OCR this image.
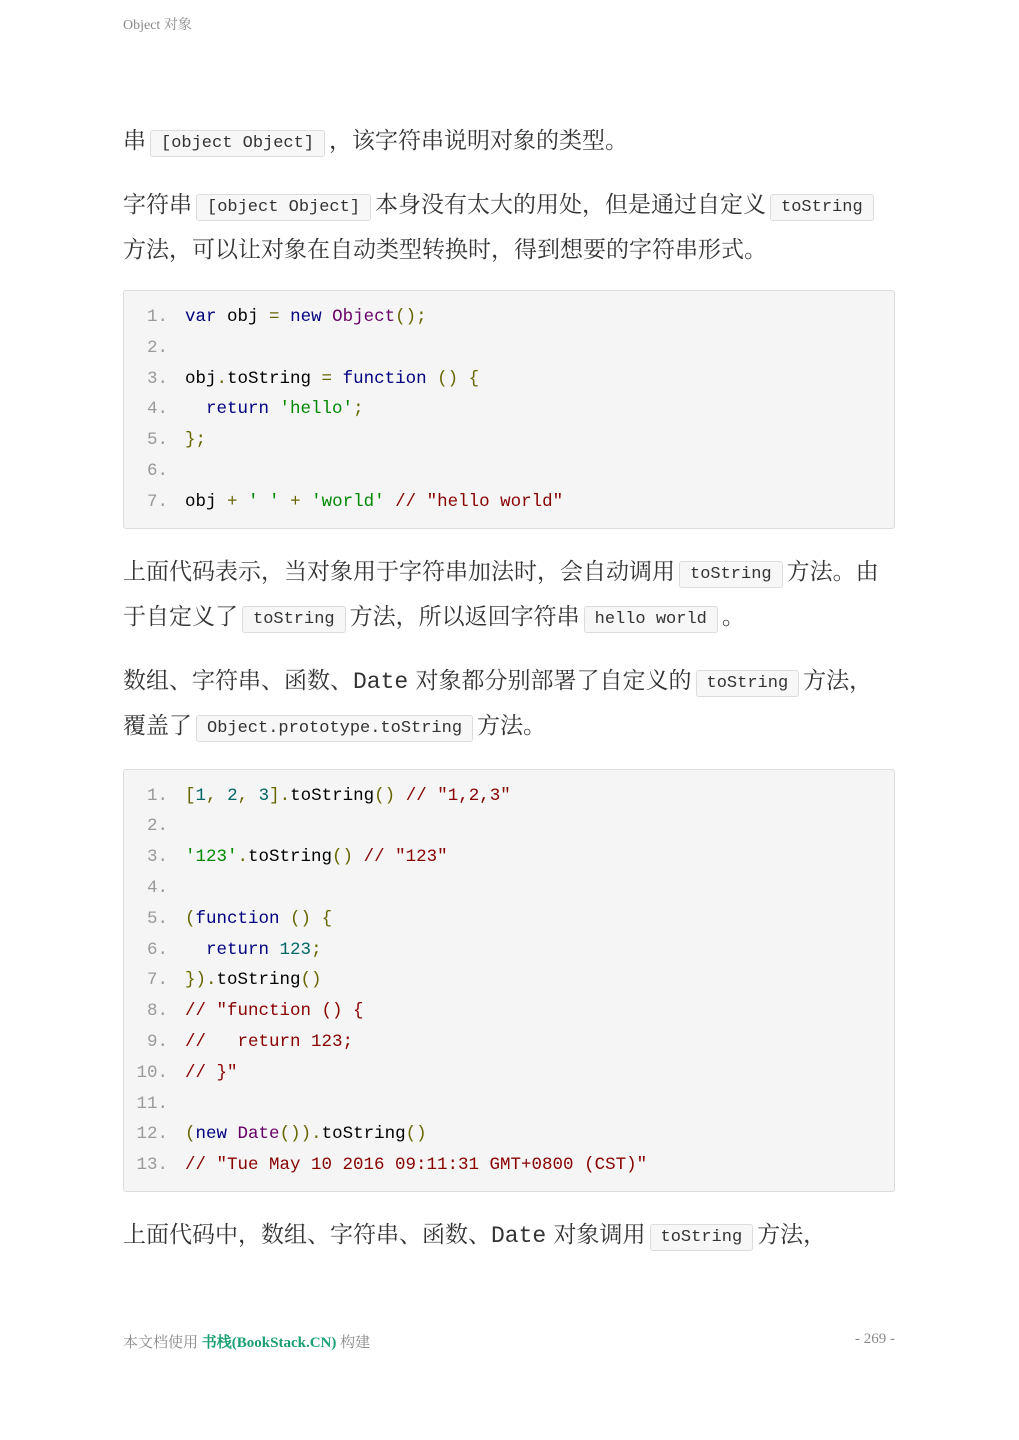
Object 对象

串 [object Object] ，该字符串说明对象的类型。

字符串 [object Object] 本身没有太大的用处，但是通过自定义 toString方法，可以让对象在自动类型转换时，得到想要的字符串形式。

1. var obj = new Object();
2.
3. obj.toString = function () {
4.	return 'hello';
5. };
6.
7. obj + ' ' + 'world' // "hello world"

上面代码表示，当对象用于字符串加法时，会自动调用 toString 方法。由于自定义了 toString 方法，所以返回字符串 hello world 。

数组、字符串、函数、Date 对象都分别部署了自定义的 toString 方法，覆盖了 Object.prototype.toString 方法。

1. [1, 2, 3].toString() // "1,2,3"
2.
3. '123'.toString() // "123"
4.
5. (function () {
6.	return 123;
7. }).toString()
8. // "function () {
9. //   return 123;
10. // }"
11.
12. (new Date()).toString()
13. // "Tue May 10 2016 09:11:31 GMT+0800 (CST)"

上面代码中，数组、字符串、函数、Date 对象调用 toString 方法，

本文档使用 书栈(BookStack.CN) 构建	- 269 -
